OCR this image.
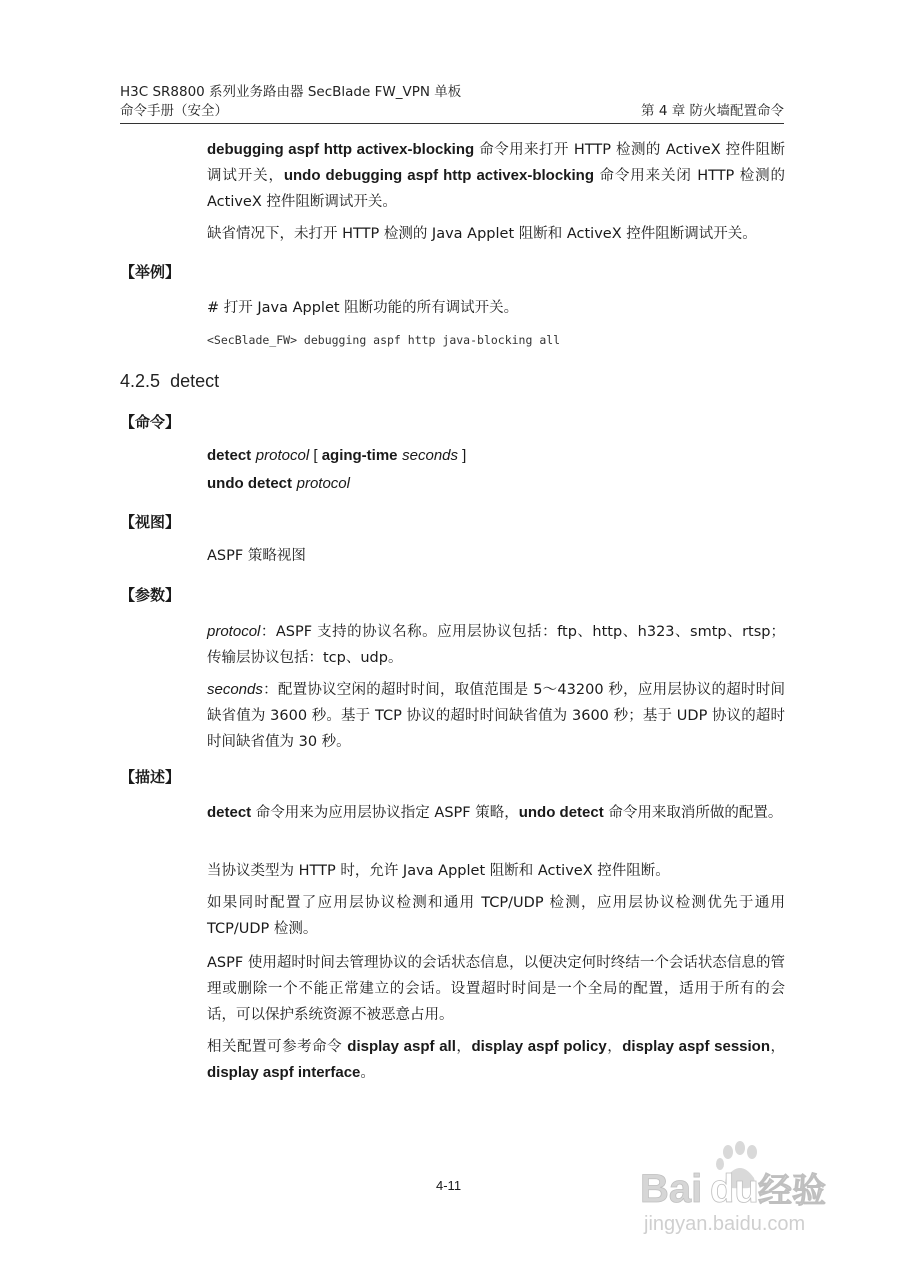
H3C SR8800 系列业务路由器 SecBlade FW_VPN 单板
命令手册（安全）	第 4 章 防火墙配置命令

debugging aspf http activex-blocking 命令用来打开 HTTP 检测的 ActiveX 控件阻断调试开关，undo debugging aspf http activex-blocking 命令用来关闭 HTTP 检测的 ActiveX 控件阻断调试开关。

缺省情况下，未打开 HTTP 检测的 Java Applet 阻断和 ActiveX 控件阻断调试开关。

【举例】

# 打开 Java Applet 阻断功能的所有调试开关。

<SecBlade_FW> debugging aspf http java-blocking all
4.2.5 detect
【命令】

detect protocol [ aging-time seconds ]

undo detect protocol

【视图】

ASPF 策略视图

【参数】

protocol：ASPF 支持的协议名称。应用层协议包括：ftp、http、h323、smtp、rtsp；传输层协议包括：tcp、udp。

seconds：配置协议空闲的超时时间，取值范围是 5～43200 秒，应用层协议的超时时间缺省值为 3600 秒。基于 TCP 协议的超时时间缺省值为 3600 秒；基于 UDP 协议的超时时间缺省值为 30 秒。

【描述】

detect 命令用来为应用层协议指定 ASPF 策略，undo detect 命令用来取消所做的配置。

当协议类型为 HTTP 时，允许 Java Applet 阻断和 ActiveX 控件阻断。

如果同时配置了应用层协议检测和通用 TCP/UDP 检测，应用层协议检测优先于通用 TCP/UDP 检测。

ASPF 使用超时时间去管理协议的会话状态信息，以便决定何时终结一个会话状态信息的管理或删除一个不能正常建立的会话。设置超时时间是一个全局的配置，适用于所有的会话，可以保护系统资源不被恶意占用。

相关配置可参考命令 display aspf all，display aspf policy，display aspf session，display aspf interface。

4-11	Bai du 经验
jingyan.baidu.com
